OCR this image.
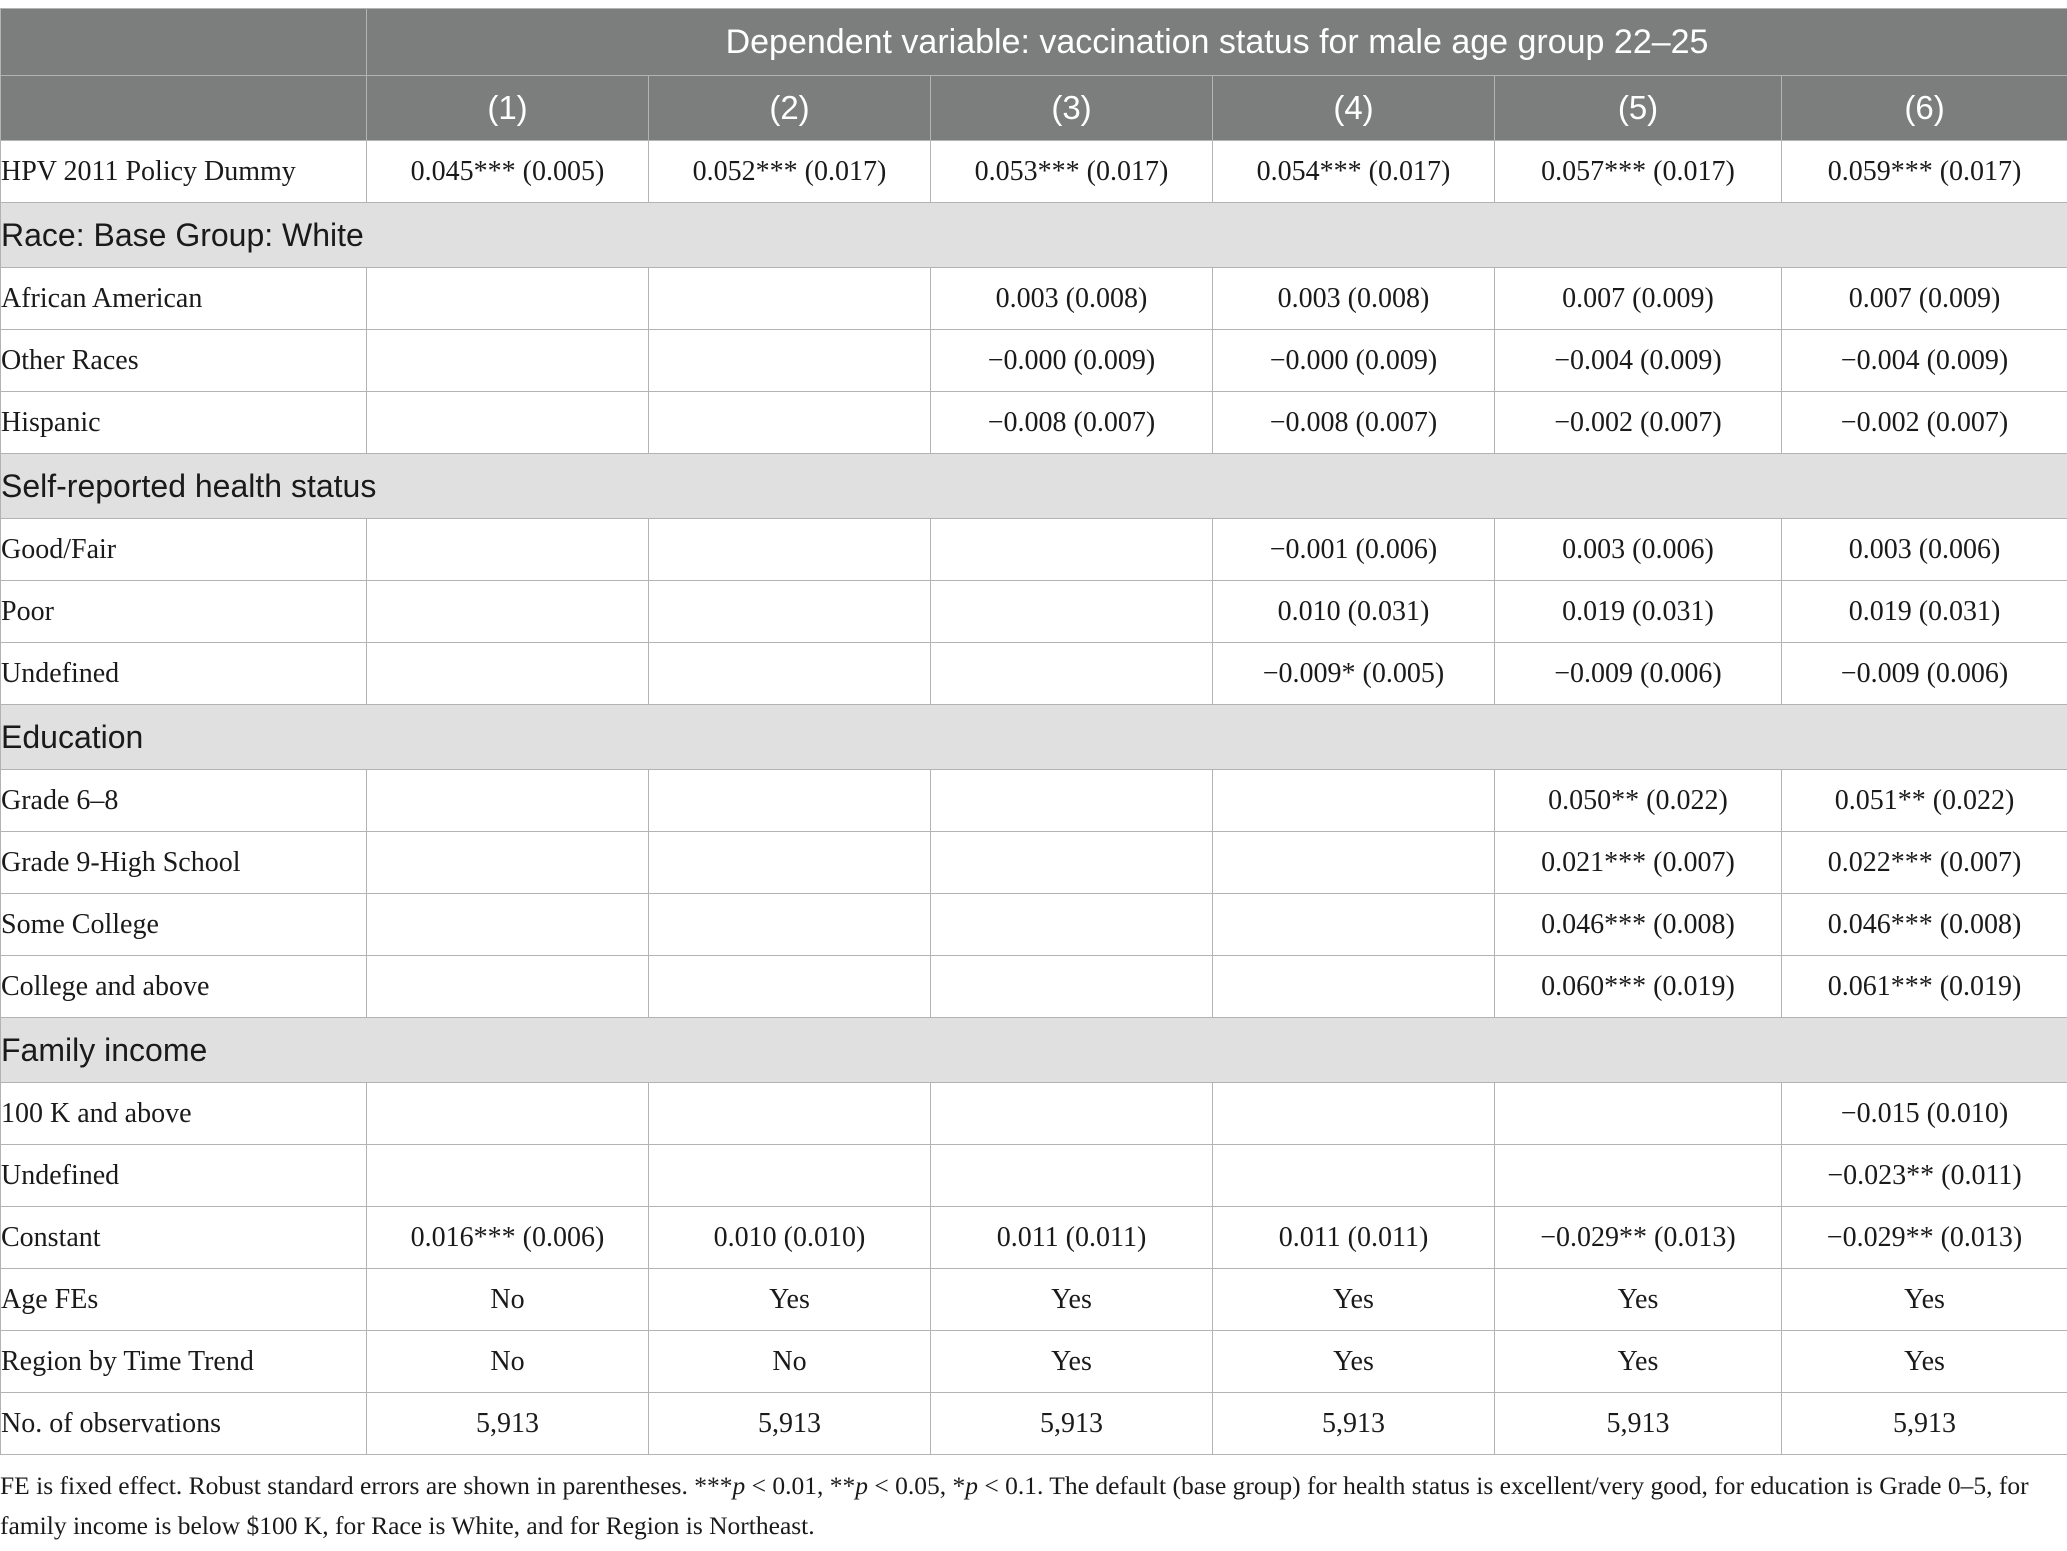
	Dependent variable: vaccination status for male age group 22–25					
	(1)	(2)	(3)	(4)	(5)	(6)
HPV 2011 Policy Dummy	0.045*** (0.005)	0.052*** (0.017)	0.053*** (0.017)	0.054*** (0.017)	0.057*** (0.017)	0.059*** (0.017)
Race: Base Group: White						
African American			0.003 (0.008)	0.003 (0.008)	0.007 (0.009)	0.007 (0.009)
Other Races			−0.000 (0.009)	−0.000 (0.009)	−0.004 (0.009)	−0.004 (0.009)
Hispanic			−0.008 (0.007)	−0.008 (0.007)	−0.002 (0.007)	−0.002 (0.007)
Self-reported health status						
Good/Fair				−0.001 (0.006)	0.003 (0.006)	0.003 (0.006)
Poor				0.010 (0.031)	0.019 (0.031)	0.019 (0.031)
Undefined				−0.009* (0.005)	−0.009 (0.006)	−0.009 (0.006)
Education						
Grade 6–8					0.050** (0.022)	0.051** (0.022)
Grade 9-High School					0.021*** (0.007)	0.022*** (0.007)
Some College					0.046*** (0.008)	0.046*** (0.008)
College and above					0.060*** (0.019)	0.061*** (0.019)
Family income						
100 K and above						−0.015 (0.010)
Undefined						−0.023** (0.011)
Constant	0.016*** (0.006)	0.010 (0.010)	0.011 (0.011)	0.011 (0.011)	−0.029** (0.013)	−0.029** (0.013)
Age FEs	No	Yes	Yes	Yes	Yes	Yes
Region by Time Trend	No	No	Yes	Yes	Yes	Yes
No. of observations	5,913	5,913	5,913	5,913	5,913	5,913
FE is fixed effect. Robust standard errors are shown in parentheses. ***p < 0.01, **p < 0.05, *p < 0.1. The default (base group) for health status is excellent/very good, for education is Grade 0–5, for family income is below $100 K, for Race is White, and for Region is Northeast.
